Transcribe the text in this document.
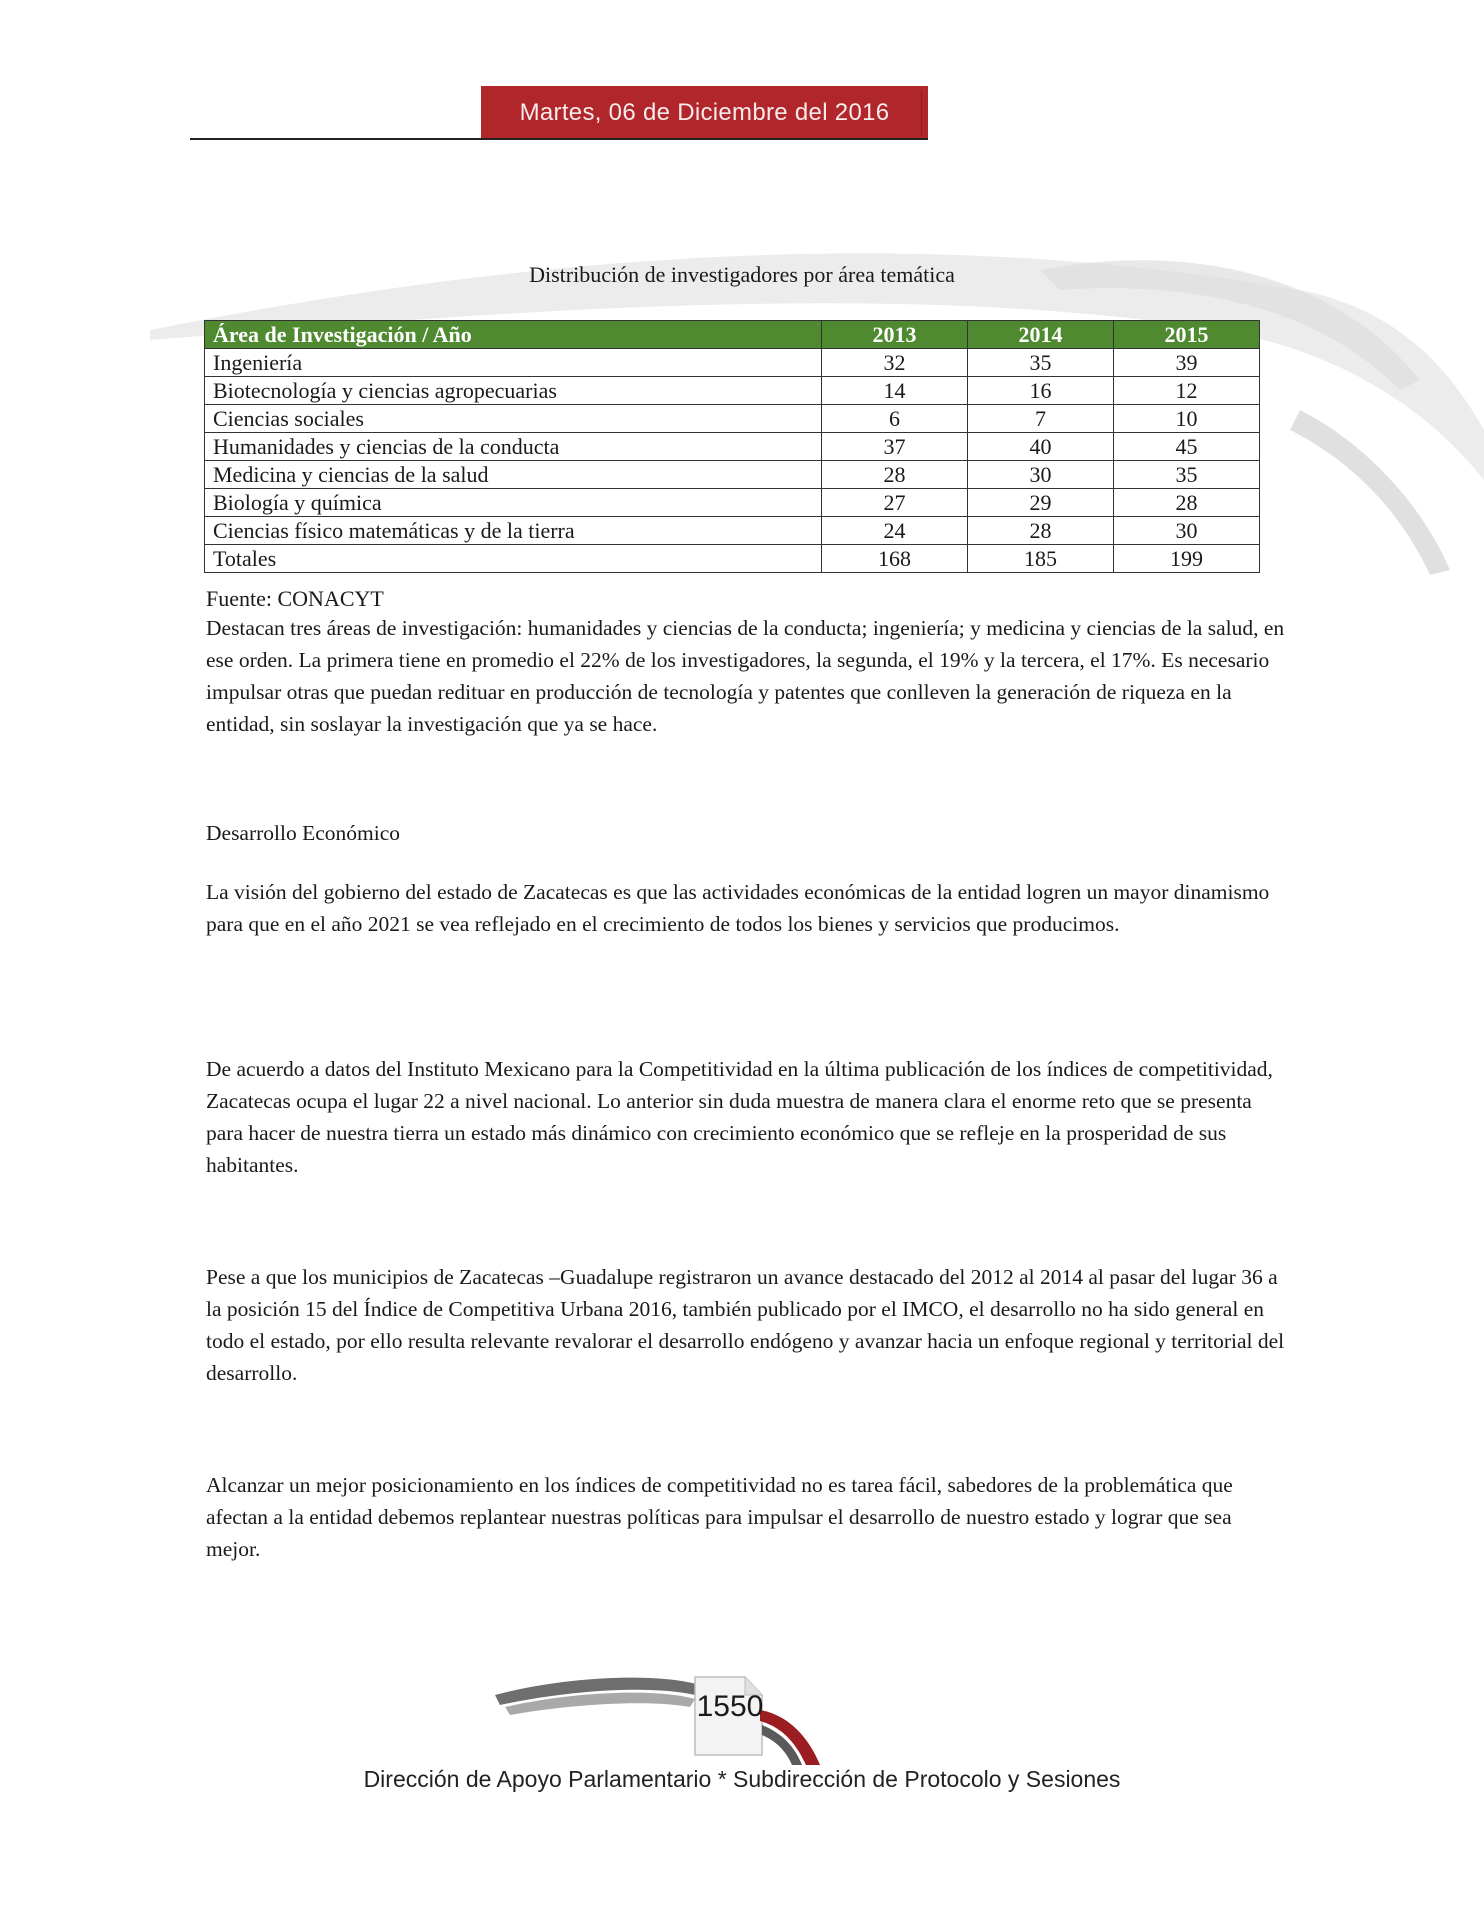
Martes, 06 de Diciembre del 2016
Distribución de investigadores por área temática
Área de Investigación / Año	2013	2014	2015
Ingeniería	32	35	39
Biotecnología y ciencias agropecuarias	14	16	12
Ciencias sociales	6	7	10
Humanidades y ciencias de la conducta	37	40	45
Medicina y ciencias de la salud	28	30	35
Biología y química	27	29	28
Ciencias físico matemáticas y de la tierra	24	28	30
Totales	168	185	199
Fuente: CONACYT

Destacan tres áreas de investigación: humanidades y ciencias de la conducta; ingeniería; y medicina y ciencias de la salud, en ese orden. La primera tiene en promedio el 22% de los investigadores, la segunda, el 19% y la tercera, el 17%. Es necesario impulsar otras que puedan redituar en producción de tecnología y patentes que conlleven la generación de riqueza en la entidad, sin soslayar la investigación que ya se hace.

Desarrollo Económico

La visión del gobierno del estado de Zacatecas es que las actividades económicas de la entidad logren un mayor dinamismo para que en el año 2021 se vea reflejado en el crecimiento de todos los bienes y servicios que producimos.

De acuerdo a datos del Instituto Mexicano para la Competitividad en la última publicación de los índices de competitividad, Zacatecas ocupa el lugar 22 a nivel nacional. Lo anterior sin duda muestra de manera clara el enorme reto que se presenta para hacer de nuestra tierra un estado más dinámico con crecimiento económico que se refleje en la prosperidad de sus habitantes.

Pese a que los municipios de Zacatecas –Guadalupe registraron un avance destacado del 2012 al 2014 al pasar del lugar 36 a la posición 15 del Índice de Competitiva Urbana 2016, también publicado por el IMCO, el desarrollo no ha sido general en todo el estado, por ello resulta relevante revalorar el desarrollo endógeno y avanzar hacia un enfoque regional y territorial del desarrollo.

Alcanzar un mejor posicionamiento en los índices de competitividad no es tarea fácil, sabedores de la problemática que afectan a la entidad debemos replantear nuestras políticas para impulsar el desarrollo de nuestro estado y lograr que sea mejor.

1550
Dirección de Apoyo Parlamentario * Subdirección de Protocolo y Sesiones
